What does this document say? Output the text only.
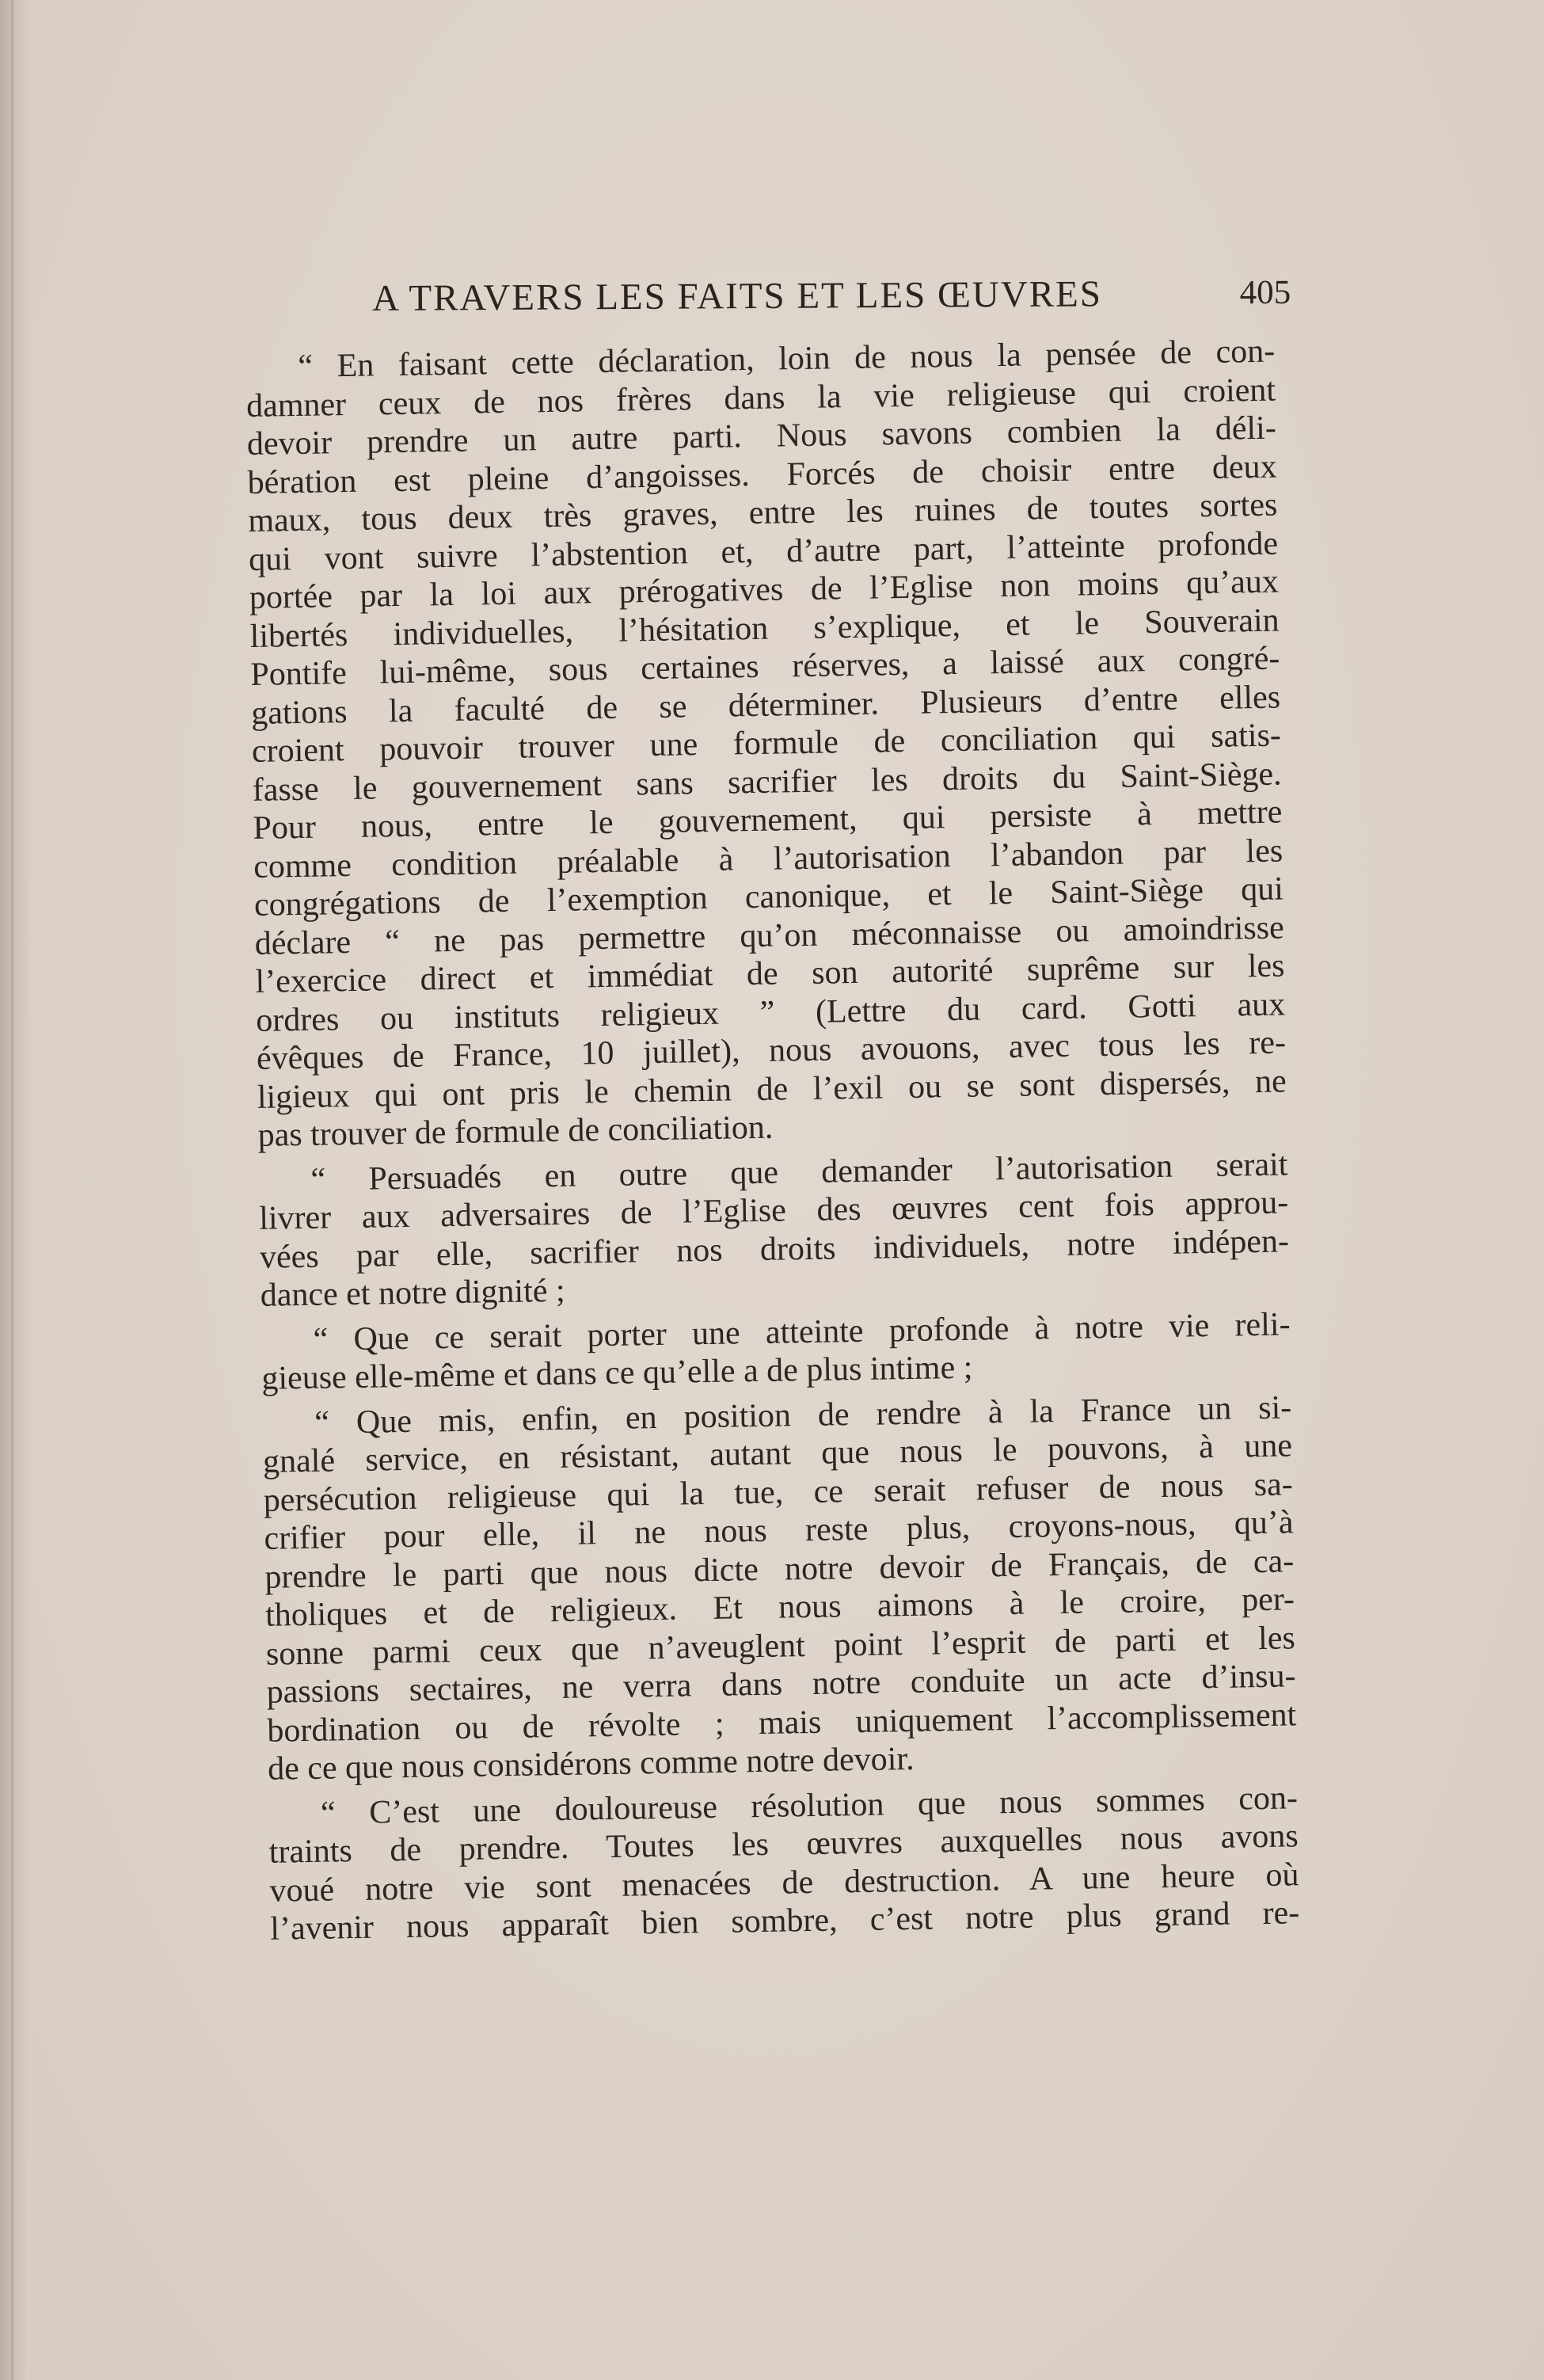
A TRAVERS LES FAITS ET LES ŒUVRES	405
“ En faisant cette déclaration, loin de nous la pensée de con-
damner ceux de nos frères dans la vie religieuse qui croient
devoir prendre un autre parti. Nous savons combien la déli-
bération est pleine d’angoisses. Forcés de choisir entre deux
maux, tous deux très graves, entre les ruines de toutes sortes
qui vont suivre l’abstention et, d’autre part, l’atteinte profonde
portée par la loi aux prérogatives de l’Eglise non moins qu’aux
libertés individuelles, l’hésitation s’explique, et le Souverain
Pontife lui-même, sous certaines réserves, a laissé aux congré-
gations la faculté de se déterminer. Plusieurs d’entre elles
croient pouvoir trouver une formule de conciliation qui satis-
fasse le gouvernement sans sacrifier les droits du Saint-Siège.
Pour nous, entre le gouvernement, qui persiste à mettre
comme condition préalable à l’autorisation l’abandon par les
congrégations de l’exemption canonique, et le Saint-Siège qui
déclare “ ne pas permettre qu’on méconnaisse ou amoindrisse
l’exercice direct et immédiat de son autorité suprême sur les
ordres ou instituts religieux ” (Lettre du card. Gotti aux
évêques de France, 10 juillet), nous avouons, avec tous les re-
ligieux qui ont pris le chemin de l’exil ou se sont dispersés, ne
pas trouver de formule de conciliation.
“ Persuadés en outre que demander l’autorisation serait
livrer aux adversaires de l’Eglise des œuvres cent fois approu-
vées par elle, sacrifier nos droits individuels, notre indépen-
dance et notre dignité ;
“ Que ce serait porter une atteinte profonde à notre vie reli-
gieuse elle-même et dans ce qu’elle a de plus intime ;
“ Que mis, enfin, en position de rendre à la France un si-
gnalé service, en résistant, autant que nous le pouvons, à une
persécution religieuse qui la tue, ce serait refuser de nous sa-
crifier pour elle, il ne nous reste plus, croyons-nous, qu’à
prendre le parti que nous dicte notre devoir de Français, de ca-
tholiques et de religieux. Et nous aimons à le croire, per-
sonne parmi ceux que n’aveuglent point l’esprit de parti et les
passions sectaires, ne verra dans notre conduite un acte d’insu-
bordination ou de révolte ; mais uniquement l’accomplissement
de ce que nous considérons comme notre devoir.
“ C’est une douloureuse résolution que nous sommes con-
traints de prendre. Toutes les œuvres auxquelles nous avons
voué notre vie sont menacées de destruction. A une heure où
l’avenir nous apparaît bien sombre, c’est notre plus grand re-
